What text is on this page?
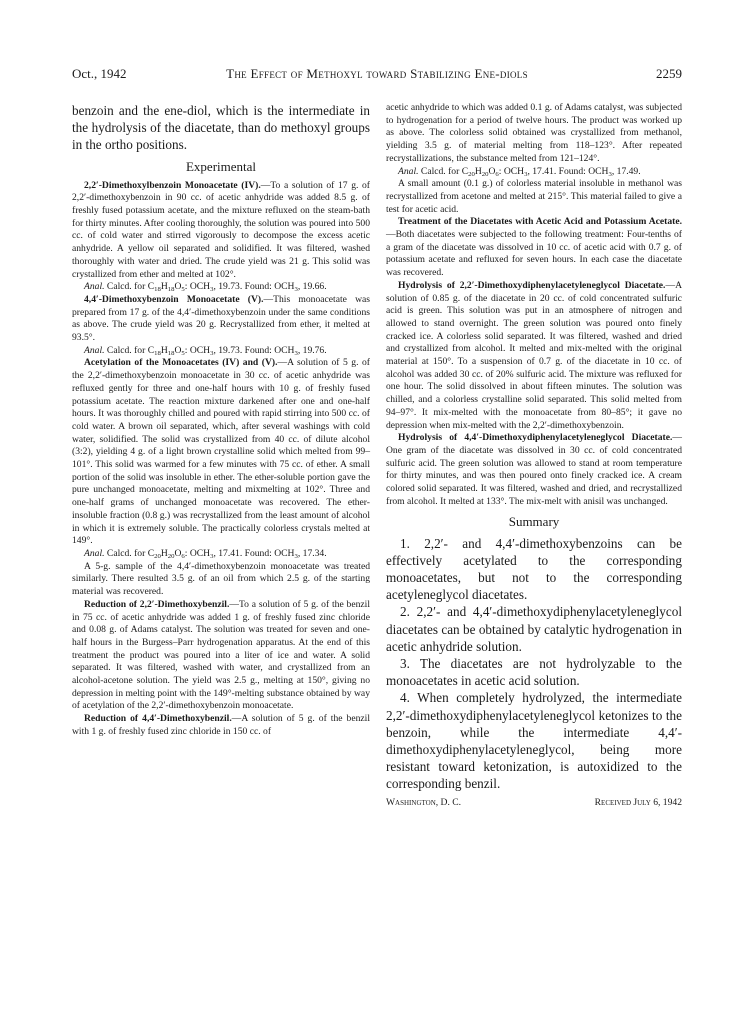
Oct., 1942	The Effect of Methoxyl toward Stabilizing Ene-diols	2259

benzoin and the ene-diol, which is the intermediate in the hydrolysis of the diacetate, than do methoxyl groups in the ortho positions.

Experimental

2,2′-Dimethoxylbenzoin Monoacetate (IV).—To a solution of 17 g. of 2,2′-dimethoxybenzoin in 90 cc. of acetic anhydride was added 8.5 g. of freshly fused potassium acetate, and the mixture refluxed on the steam-bath for thirty minutes. After cooling thoroughly, the solution was poured into 500 cc. of cold water and stirred vigorously to decompose the excess acetic anhydride. A yellow oil separated and solidified. It was filtered, washed thoroughly with water and dried. The crude yield was 21 g. This solid was crystallized from ether and melted at 102°.

Anal. Calcd. for $C_{18}H_{18}O_5$: $OCH_3$, 19.73. Found: $OCH_3$, 19.66.

4,4′-Dimethoxybenzoin Monoacetate (V).—This monoacetate was prepared from 17 g. of the 4,4′-dimethoxybenzoin under the same conditions as above. The crude yield was 20 g. Recrystallized from ether, it melted at 93.5°.

Anal. Calcd. for $C_{18}H_{18}O_5$: $OCH_3$, 19.73. Found: $OCH_3$, 19.76.

Acetylation of the Monoacetates (IV) and (V).—A solution of 5 g. of the 2,2′-dimethoxybenzoin monoacetate in 30 cc. of acetic anhydride was refluxed gently for three and one-half hours with 10 g. of freshly fused potassium acetate. The reaction mixture darkened after one and one-half hours. It was thoroughly chilled and poured with rapid stirring into 500 cc. of cold water. A brown oil separated, which, after several washings with cold water, solidified. The solid was crystallized from 40 cc. of dilute alcohol (3:2), yielding 4 g. of a light brown crystalline solid which melted from 99–101°. This solid was warmed for a few minutes with 75 cc. of ether. A small portion of the solid was insoluble in ether. The ether-soluble portion gave the pure unchanged monoacetate, melting and mixmelting at 102°. Three and one-half grams of unchanged monoacetate was recovered. The ether-insoluble fraction (0.8 g.) was recrystallized from the least amount of alcohol in which it is extremely soluble. The practically colorless crystals melted at 149°.

Anal. Calcd. for $C_{20}H_{20}O_6$: $OCH_3$, 17.41. Found: $OCH_3$, 17.34.

A 5-g. sample of the 4,4′-dimethoxybenzoin monoacetate was treated similarly. There resulted 3.5 g. of an oil from which 2.5 g. of the starting material was recovered.

Reduction of 2,2′-Dimethoxybenzil.—To a solution of 5 g. of the benzil in 75 cc. of acetic anhydride was added 1 g. of freshly fused zinc chloride and 0.08 g. of Adams catalyst. The solution was treated for seven and one-half hours in the Burgess–Parr hydrogenation apparatus. At the end of this treatment the product was poured into a liter of ice and water. A solid separated. It was filtered, washed with water, and crystallized from an alcohol-acetone solution. The yield was 2.5 g., melting at 150°, giving no depression in melting point with the 149°-melting substance obtained by way of acetylation of the 2,2′-dimethoxybenzoin monoacetate.

Reduction of 4,4′-Dimethoxybenzil.—A solution of 5 g. of the benzil with 1 g. of freshly fused zinc chloride in 150 cc. of

acetic anhydride to which was added 0.1 g. of Adams catalyst, was subjected to hydrogenation for a period of twelve hours. The product was worked up as above. The colorless solid obtained was crystallized from methanol, yielding 3.5 g. of material melting from 118–123°. After repeated recrystallizations, the substance melted from 121–124°.

Anal. Calcd. for $C_{20}H_{20}O_6$: $OCH_3$, 17.41. Found: $OCH_3$, 17.49.

A small amount (0.1 g.) of colorless material insoluble in methanol was recrystallized from acetone and melted at 215°. This material failed to give a test for acetic acid.

Treatment of the Diacetates with Acetic Acid and Potassium Acetate.—Both diacetates were subjected to the following treatment: Four-tenths of a gram of the diacetate was dissolved in 10 cc. of acetic acid with 0.7 g. of potassium acetate and refluxed for seven hours. In each case the diacetate was recovered.

Hydrolysis of 2,2′-Dimethoxydiphenylacetyleneglycol Diacetate.—A solution of 0.85 g. of the diacetate in 20 cc. of cold concentrated sulfuric acid is green. This solution was put in an atmosphere of nitrogen and allowed to stand overnight. The green solution was poured onto finely cracked ice. A colorless solid separated. It was filtered, washed and dried and crystallized from alcohol. It melted and mix-melted with the original material at 150°. To a suspension of 0.7 g. of the diacetate in 10 cc. of alcohol was added 30 cc. of 20% sulfuric acid. The mixture was refluxed for one hour. The solid dissolved in about fifteen minutes. The solution was chilled, and a colorless crystalline solid separated. This solid melted from 94–97°. It mix-melted with the monoacetate from 80–85°; it gave no depression when mix-melted with the 2,2′-dimethoxybenzoin.

Hydrolysis of 4,4′-Dimethoxydiphenylacetyleneglycol Diacetate.—One gram of the diacetate was dissolved in 30 cc. of cold concentrated sulfuric acid. The green solution was allowed to stand at room temperature for thirty minutes, and was then poured onto finely cracked ice. A cream colored solid separated. It was filtered, washed and dried, and recrystallized from alcohol. It melted at 133°. The mix-melt with anisil was unchanged.

Summary

1. 2,2′- and 4,4′-dimethoxybenzoins can be effectively acetylated to the corresponding monoacetates, but not to the corresponding acetyleneglycol diacetates.

2. 2,2′- and 4,4′-dimethoxydiphenylacetyleneglycol diacetates can be obtained by catalytic hydrogenation in acetic anhydride solution.

3. The diacetates are not hydrolyzable to the monoacetates in acetic acid solution.

4. When completely hydrolyzed, the intermediate 2,2′-dimethoxydiphenylacetyleneglycol ketonizes to the benzoin, while the intermediate 4,4′-dimethoxydiphenylacetyleneglycol, being more resistant toward ketonization, is autoxidized to the corresponding benzil.

Washington, D. C.	Received July 6, 1942
